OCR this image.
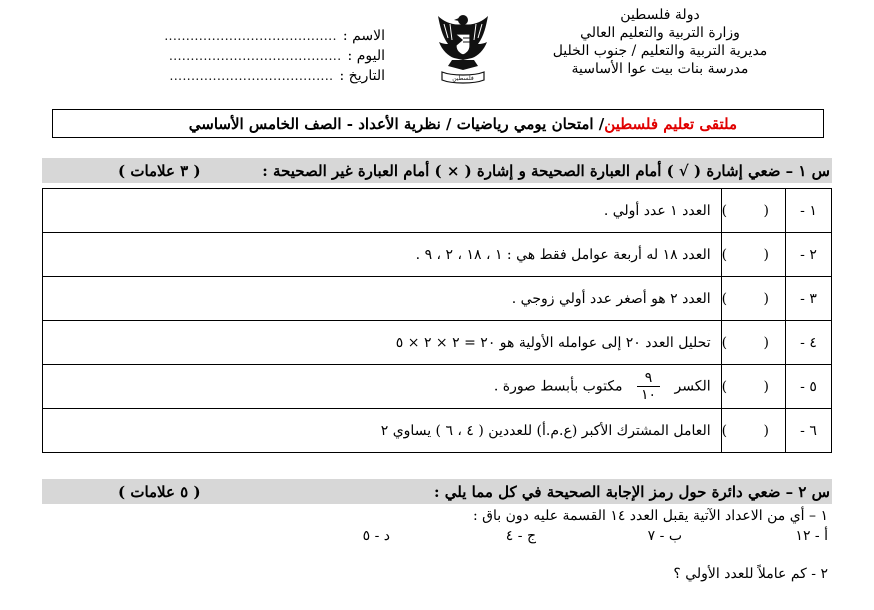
دولة فلسطين
وزارة التربية والتعليم العالي
مديرية التربية والتعليم / جنوب الخليل
مدرسة بنات بيت عوا الأساسية
فلسطين
الاسم :
........................................
اليوم :
........................................
التاريخ :
......................................
ملتقى تعليم فلسطين
/ امتحان يومي رياضيات / نظرية الأعداد - الصف الخامس الأساسي
س ١ – ضعي إشارة ( √ ) أمام العبارة الصحيحة و إشارة ( × ) أمام العبارة غير الصحيحة :
( ٣ علامات )
١ -	( )	العدد ١ عدد أولي .
٢ -	( )	العدد ١٨ له أربعة عوامل فقط هي : ١ ، ١٨ ، ٢ ، ٩ .
٣ -	( )	العدد ٢ هو أصغر عدد أولي زوجي .
٤ -	( )	تحليل العدد ٢٠ إلى عوامله الأولية هو ٢٠ = ٢ × ٢ × ٥
٥ -	( )	الكسر
$\frac{٩}{١٠}$
مكتوب بأبسط صورة .
٦ -	( )	العامل المشترك الأكبر (ع.م.أ) للعددين ( ٤ ، ٦ ) يساوي ٢
س ٢ – ضعي دائرة حول رمز الإجابة الصحيحة في كل مما يلي :
( ٥ علامات )
١ – أي من الاعداد الآتية يقبل العدد ١٤ القسمة عليه دون باق :
أ - ١٢
ب - ٧
ج - ٤
د - ٥
٢ - كم عاملاً للعدد الأولي ؟
